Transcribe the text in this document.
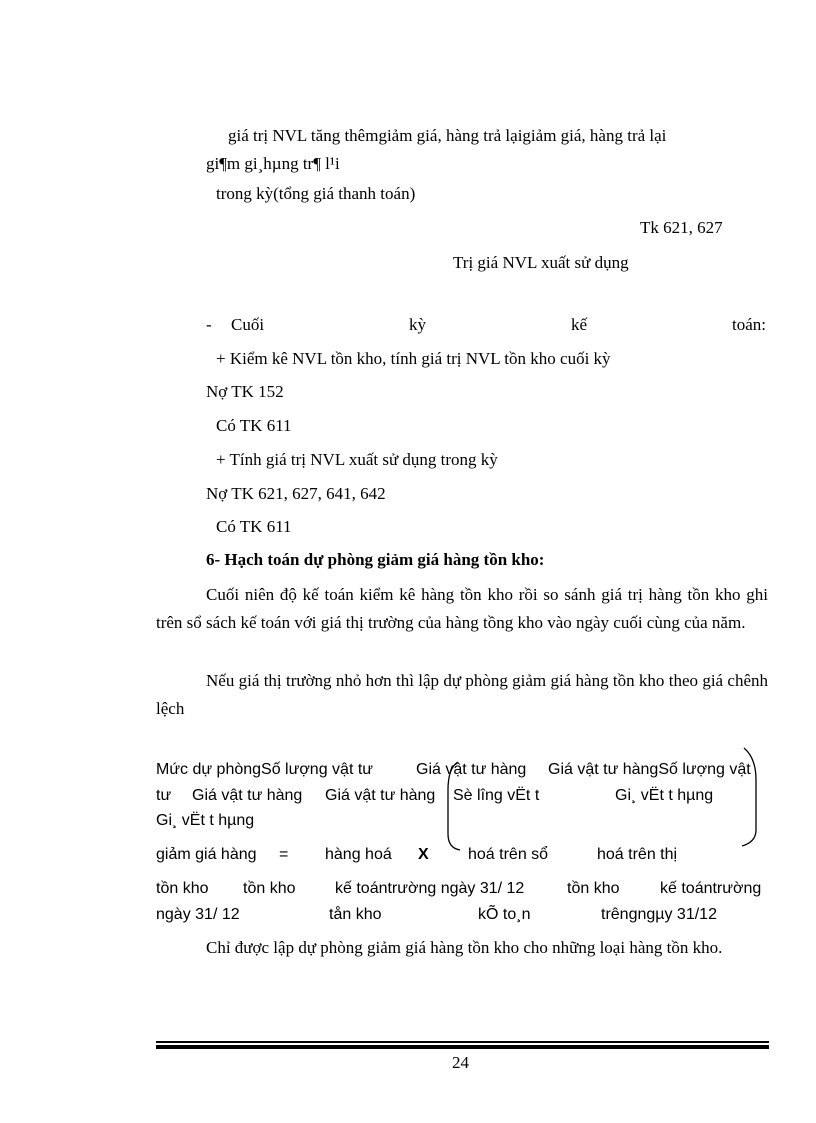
giá trị NVL tăng thêmgiảm giá, hàng trả lạigiảm giá, hàng trả lại
gi¶m gi¸hµng tr¶ l¹i
trong kỳ(tổng giá thanh toán)
Tk 621, 627
Trị giá NVL xuất sử dụng
- Cuối	kỳ	kế	toán:
+ Kiểm kê NVL tồn kho, tính giá trị NVL tồn kho cuối kỳ
Nợ TK 152
Có TK 611
+ Tính giá trị NVL xuất sử dụng trong kỳ
Nợ TK 621, 627, 641, 642
Có TK 611
6- Hạch toán dự phòng giảm giá hàng tồn kho:
Cuối niên độ kế toán kiểm kê hàng tồn kho rồi so sánh giá trị hàng tồn kho ghi trên sổ sách kế toán với giá thị trường của hàng tồng kho vào ngày cuối cùng của năm.
Nếu giá thị trường nhỏ hơn thì lập dự phòng giảm giá hàng tồn kho theo giá chênh lệch
Mức dự phòngSố lượng vật tư	Giá vật tư hàng Giá vật tư hàngSố lượng vật
tư Giá vật tư hàng Giá vật tư hàng Sè lîng vËt t	Gi¸ vËt t hµng
Gi¸ vËt t hµng
giảm giá hàng = hàng hoá X hoá trên sổ	hoá trên thị
tồn kho tồn kho kế toántrường ngày 31/ 12	tồn kho	kế toántrường
ngày 31/ 12	tån kho	kÕ to¸n	trêngngµy 31/12
Chỉ được lập dự phòng giảm giá hàng tồn kho cho những loại hàng tồn kho.
24
